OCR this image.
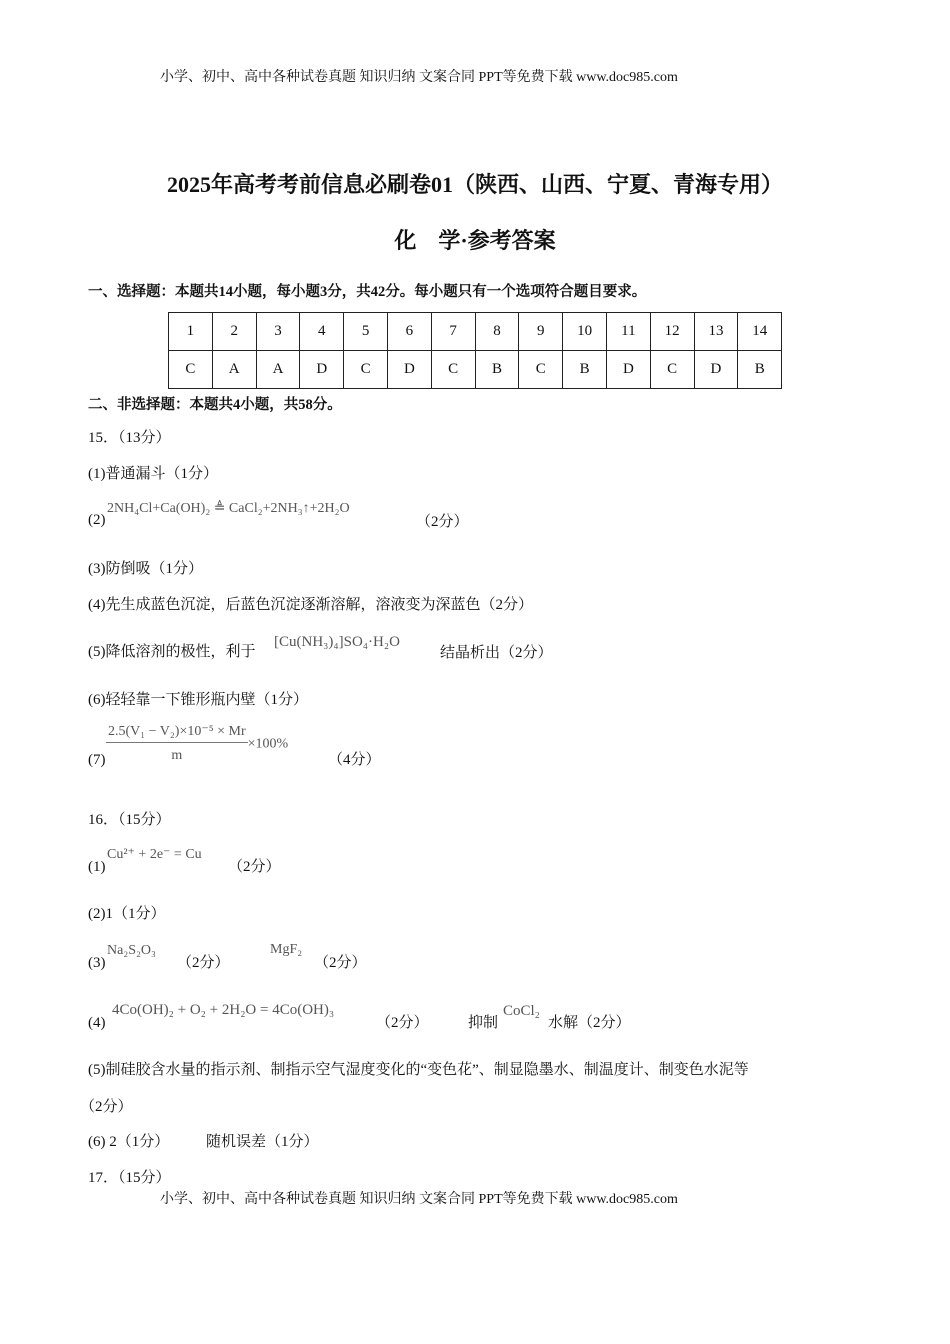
小学、初中、高中各种试卷真题 知识归纳 文案合同 PPT等免费下载 www.doc985.com
2025年高考考前信息必刷卷01（陕西、山西、宁夏、青海专用）
化　学·参考答案
一、选择题：本题共14小题，每小题3分，共42分。每小题只有一个选项符合题目要求。
1	2	3	4	5	6	7	8	9	10	11	12	13	14
C	A	A	D	C	D	C	B	C	B	D	C	D	B
二、非选择题：本题共4小题，共58分。
15．（13分）
(1)普通漏斗（1分）
(2)
2NH₄Cl+Ca(OH)₂ ≜ CaCl₂+2NH₃↑+2H₂O
（2分）
(3)防倒吸（1分）
(4)先生成蓝色沉淀，后蓝色沉淀逐渐溶解，溶液变为深蓝色（2分）
(5)降低溶剂的极性，利于
[Cu(NH₃)₄]SO₄·H₂O
结晶析出（2分）
(6)轻轻靠一下锥形瓶内壁（1分）
$(7) \frac{\text{2.5(V₁ − V₂)×10⁻⁵ × Mr}}{m} \times 100\%$
（4分）
16．（15分）
(1)
Cu²⁺ + 2e⁻ = Cu
（2分）
(2)1（1分）
(3)
Na₂S₂O₃
（2分）
MgF₂
（2分）
(4)
4Co(OH)₂ + O₂ + 2H₂O = 4Co(OH)₃
（2分）	抑制
CoCl₂
水解（2分）
(5)制硅胶含水量的指示剂、制指示空气湿度变化的“变色花”、制显隐墨水、制温度计、制变色水泥等
（2分）
(6) 2（1分） 随机误差（1分）
17．（15分）
小学、初中、高中各种试卷真题 知识归纳 文案合同 PPT等免费下载 www.doc985.com
